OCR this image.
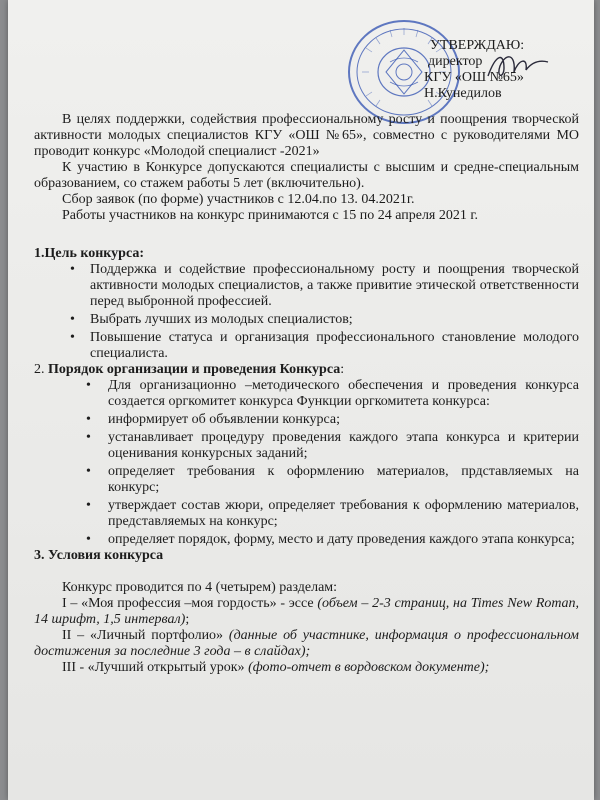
УТВЕРЖДАЮ:
директор
КГУ «ОШ №65»
Н.Кунедилов

В целях поддержки, содействия профессиональному росту и поощрения творческой активности молодых специалистов КГУ «ОШ №65», совместно с руководителями МО проводит конкурс «Молодой специалист -2021»

К участию в Конкурсе допускаются специалисты с высшим и средне-специальным образованием, со стажем работы 5 лет (включительно).

Сбор заявок (по форме) участников с 12.04.по 13. 04.2021г.

Работы участников на конкурс принимаются с 15 по 24 апреля 2021 г.

1.Цель конкурса:

• Поддержка и содействие профессиональному росту и поощрения творческой активности молодых специалистов, а также привитие этической ответственности перед выбронной профессией.
• Выбрать лучших из молодых специалистов;
• Повышение статуса и организация профессионального становление молодого специалиста.

2. Порядок организации и проведения Конкурса:

• Для организационно –методического обеспечения и проведения конкурса создается оргкомитет конкурса Функции оргкомитета конкурса:
• информирует об объявлении конкурса;
• устанавливает процедуру проведения каждого этапа конкурса и критерии оценивания конкурсных заданий;
• определяет требования к оформлению материалов, прдставляемых на конкурс;
• утверждает состав жюри, определяет требования к оформлению материалов, представляемых на конкурс;
• определяет порядок, форму, место и дату проведения каждого этапа конкурса;

3. Условия конкурса

Конкурс проводится по 4 (четырем) разделам:

I – «Моя профессия –моя гордость» - эссе (объем – 2-3 страниц, на Times New Roman, 14 шрифт, 1,5 интервал);

II – «Личный портфолио» (данные об участнике, информация о профессиональном достижения за последние 3 года – в слайдах);

III - «Лучший открытый урок» (фото-отчет в вордовском документе);
